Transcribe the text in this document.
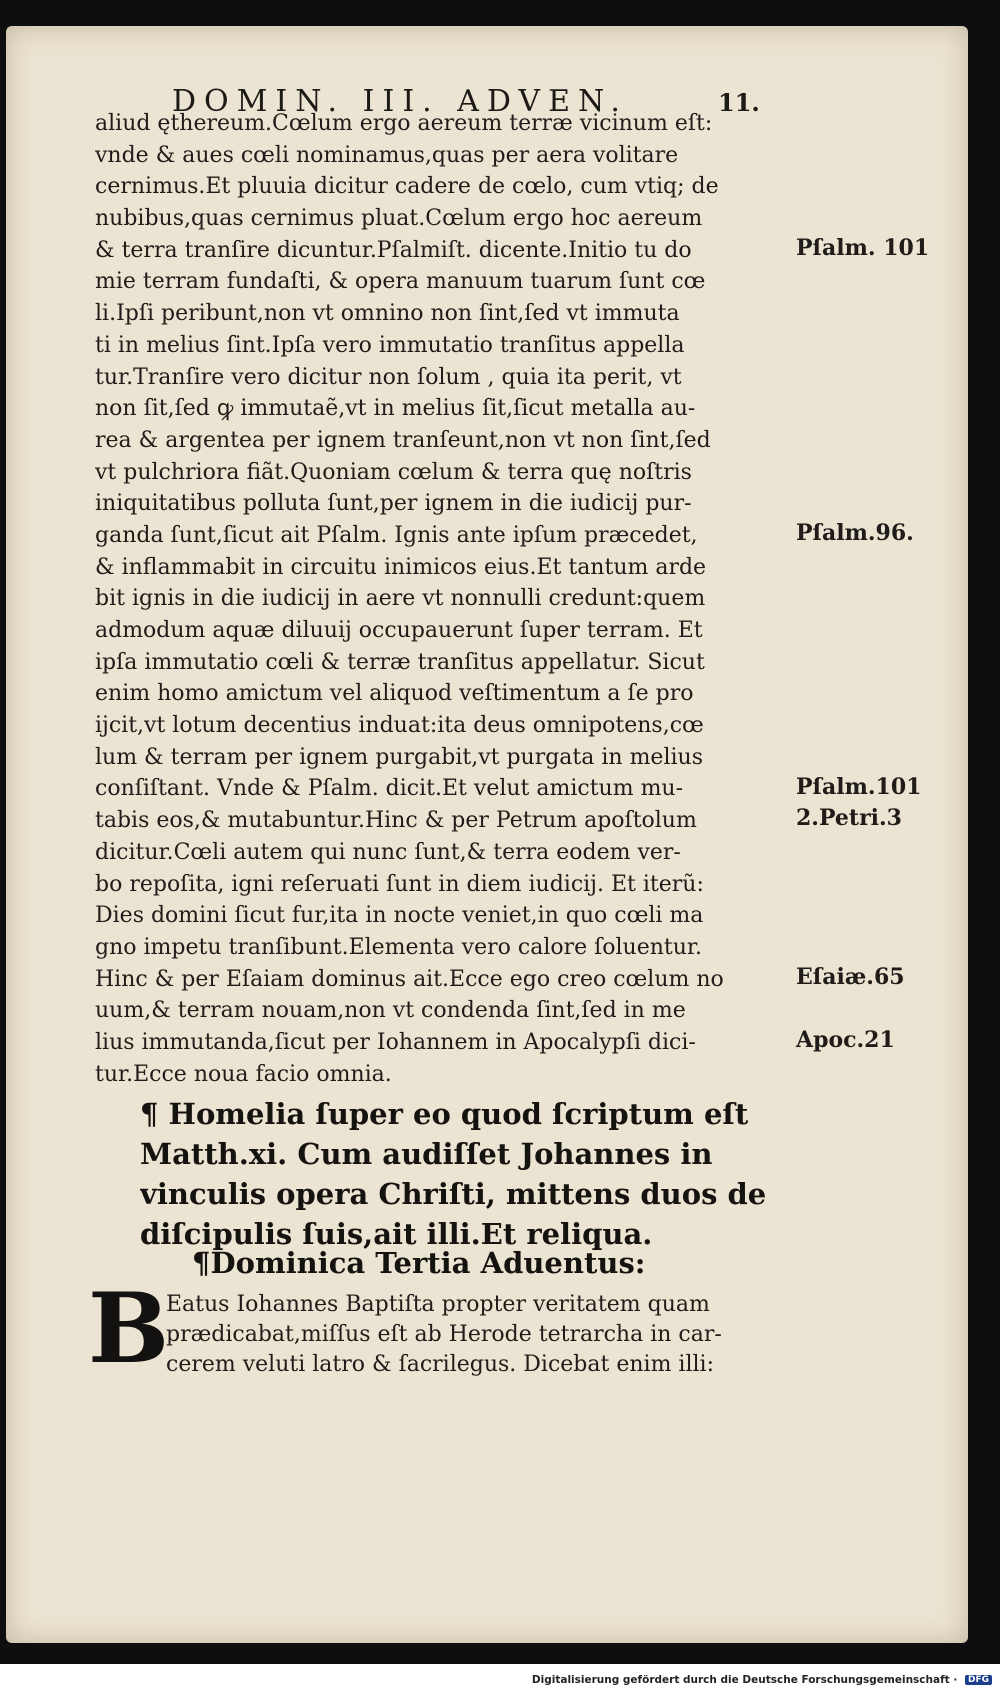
DOMIN. III. ADVEN.	11.
aliud ęthereum.Cœlum ergo aereum terræ vicinum eſt:
vnde & aues cœli nominamus,quas per aera volitare
cernimus.Et pluuia dicitur cadere de cœlo, cum vtiq; de
nubibus,quas cernimus pluat.Cœlum ergo hoc aereum
& terra tranſire dicuntur.Pſalmiſt. dicente.Initio tu do
mie terram fundaſti, & opera manuum tuarum ſunt cœ
li.Ipſi peribunt,non vt omnino non ſint,ſed vt immuta
ti in melius ſint.Ipſa vero immutatio tranſitus appella
tur.Tranſire vero dicitur non ſolum , quia ita perit, vt
non ſit,ſed ꝙ immutaẽ,vt in melius ſit,ſicut metalla au-
rea & argentea per ignem tranſeunt,non vt non ſint,ſed
vt pulchriora fiãt.Quoniam cœlum & terra quę noſtris
iniquitatibus polluta ſunt,per ignem in die iudicij pur-
ganda ſunt,ſicut ait Pſalm. Ignis ante ipſum præcedet,
& inflammabit in circuitu inimicos eius.Et tantum arde
bit ignis in die iudicij in aere vt nonnulli credunt:quem
admodum aquæ diluuij occupauerunt ſuper terram. Et
ipſa immutatio cœli & terræ tranſitus appellatur. Sicut
enim homo amictum vel aliquod veſtimentum a ſe pro
ijcit,vt lotum decentius induat:ita deus omnipotens,cœ
lum & terram per ignem purgabit,vt purgata in melius
conſiſtant. Vnde & Pſalm. dicit.Et velut amictum mu-
tabis eos,& mutabuntur.Hinc & per Petrum apoſtolum
dicitur.Cœli autem qui nunc ſunt,& terra eodem ver-
bo repoſita, igni reſeruati ſunt in diem iudicij. Et iterũ:
Dies domini ſicut fur,ita in nocte veniet,in quo cœli ma
gno impetu tranſibunt.Elementa vero calore ſoluentur.
Hinc & per Eſaiam dominus ait.Ecce ego creo cœlum no
uum,& terram nouam,non vt condenda ſint,ſed in me
lius immutanda,ſicut per Iohannem in Apocalypſi dici-
tur.Ecce noua facio omnia.
Pſalm. 101
Pſalm.96.
Pſalm.101
2.Petri.3
Eſaiæ.65
Apoc.21
¶ Homelia ſuper eo quod ſcriptum eſt
Matth.xi. Cum audiſſet Johannes in
vinculis opera Chriſti, mittens duos de
diſcipulis ſuis,ait illi.Et reliqua.
¶Dominica Tertia Aduentus:
B
Eatus Iohannes Baptiſta propter veritatem quam
prædicabat,miſſus eſt ab Herode tetrarcha in car-
cerem veluti latro & ſacrilegus. Dicebat enim illi:
Digitalisierung gefördert durch die Deutsche Forschungsgemeinschaft · DFG
